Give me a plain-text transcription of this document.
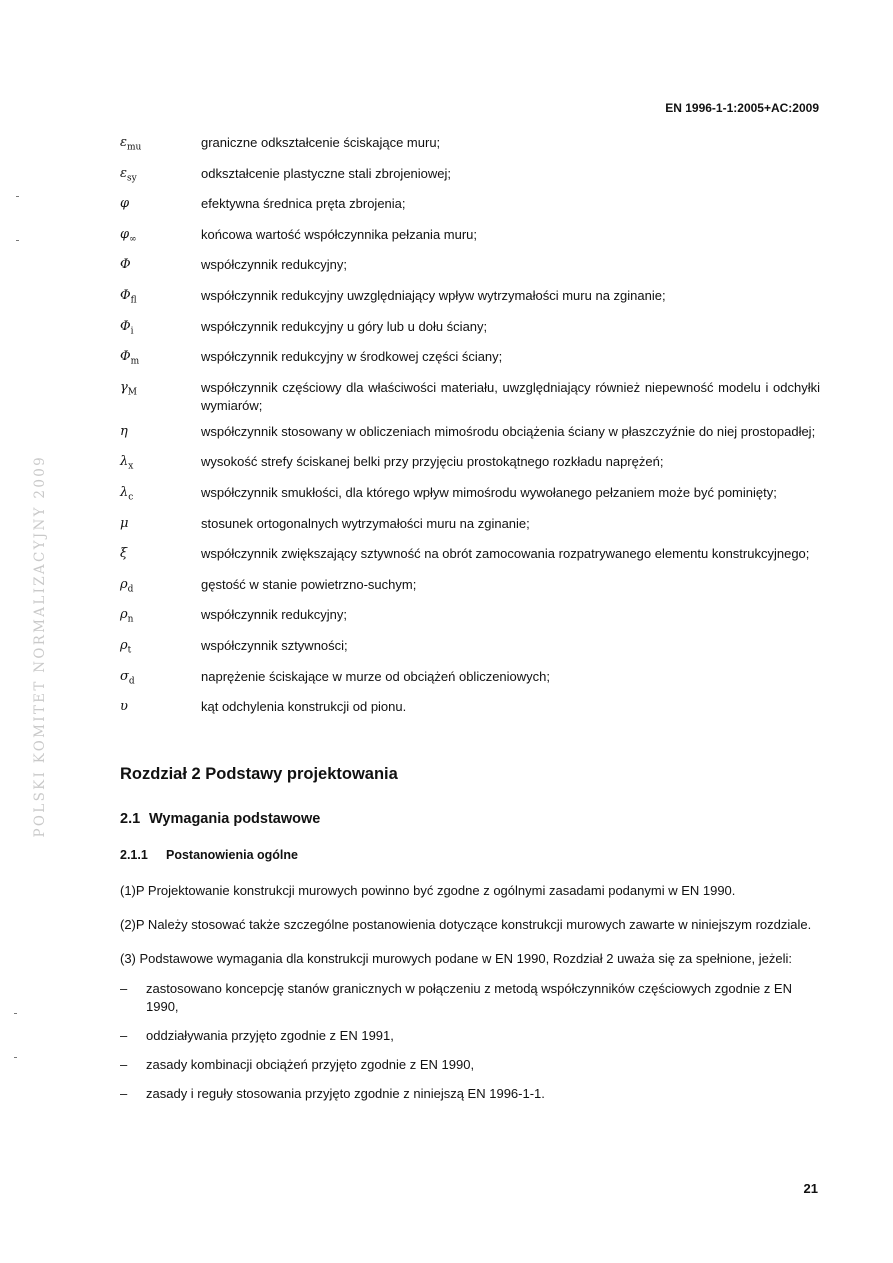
EN 1996-1-1:2005+AC:2009
POLSKI KOMITET NORMALIZACYJNY 2009
$\varepsilon_{mu}$	graniczne odkształcenie ściskające muru;
$\varepsilon_{sy}$	odkształcenie plastyczne stali zbrojeniowej;
φ	efektywna średnica pręta zbrojenia;
$\varphi_\infty$	końcowa wartość współczynnika pełzania muru;
Φ	współczynnik redukcyjny;
$\Phi_{fl}$	współczynnik redukcyjny uwzględniający wpływ wytrzymałości muru na zginanie;
$\Phi_i$	współczynnik redukcyjny u góry lub u dołu ściany;
$\Phi_m$	współczynnik redukcyjny w środkowej części ściany;
$\gamma_M$	współczynnik częściowy dla właściwości materiału, uwzględniający również niepewność modelu i odchyłki wymiarów;
η	współczynnik stosowany w obliczeniach mimośrodu obciążenia ściany w płaszczyźnie do niej prostopadłej;
$\lambda_x$	wysokość strefy ściskanej belki przy przyjęciu prostokątnego rozkładu naprężeń;
$\lambda_c$	współczynnik smukłości, dla którego wpływ mimośrodu wywołanego pełzaniem może być pominięty;
μ	stosunek ortogonalnych wytrzymałości muru na zginanie;
ξ	współczynnik zwiększający sztywność na obrót zamocowania rozpatrywanego elementu konstrukcyjnego;
$\rho_d$	gęstość w stanie powietrzno-suchym;
$\rho_n$	współczynnik redukcyjny;
$\rho_t$	współczynnik sztywności;
$\sigma_d$	naprężenie ściskające w murze od obciążeń obliczeniowych;
υ	kąt odchylenia konstrukcji od pionu.
Rozdział 2 Podstawy projektowania
2.1 Wymagania podstawowe
2.1.1 Postanowienia ogólne

(1)P Projektowanie konstrukcji murowych powinno być zgodne z ogólnymi zasadami podanymi w EN 1990.

(2)P Należy stosować także szczególne postanowienia dotyczące konstrukcji murowych zawarte w niniejszym rozdziale.

(3) Podstawowe wymagania dla konstrukcji murowych podane w EN 1990, Rozdział 2 uważa się za spełnione, jeżeli:

–	zastosowano koncepcję stanów granicznych w połączeniu z metodą współczynników częściowych zgodnie z EN 1990,
–	oddziaływania przyjęto zgodnie z EN 1991,
–	zasady kombinacji obciążeń przyjęto zgodnie z EN 1990,
–	zasady i reguły stosowania przyjęto zgodnie z niniejszą EN 1996-1-1.
21
